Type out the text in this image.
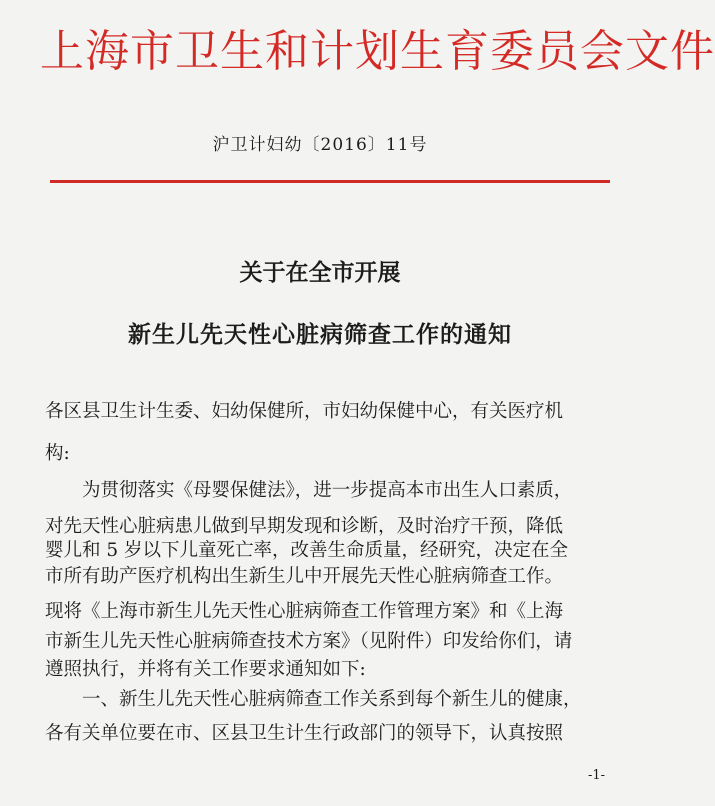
上海市卫生和计划生育委员会文件
沪卫计妇幼〔2016〕11号
关于在全市开展
新生儿先天性心脏病筛查工作的通知
各区县卫生计生委、妇幼保健所，市妇幼保健中心，有关医疗机
构:
为贯彻落实《母婴保健法》，进一步提高本市出生人口素质，
对先天性心脏病患儿做到早期发现和诊断，及时治疗干预，降低
婴儿和 5 岁以下儿童死亡率，改善生命质量，经研究，决定在全
市所有助产医疗机构出生新生儿中开展先天性心脏病筛查工作。
现将《上海市新生儿先天性心脏病筛查工作管理方案》和《上海
市新生儿先天性心脏病筛查技术方案》（见附件）印发给你们，请
遵照执行，并将有关工作要求通知如下:
一、新生儿先天性心脏病筛查工作关系到每个新生儿的健康，
各有关单位要在市、区县卫生计生行政部门的领导下，认真按照
-1-
